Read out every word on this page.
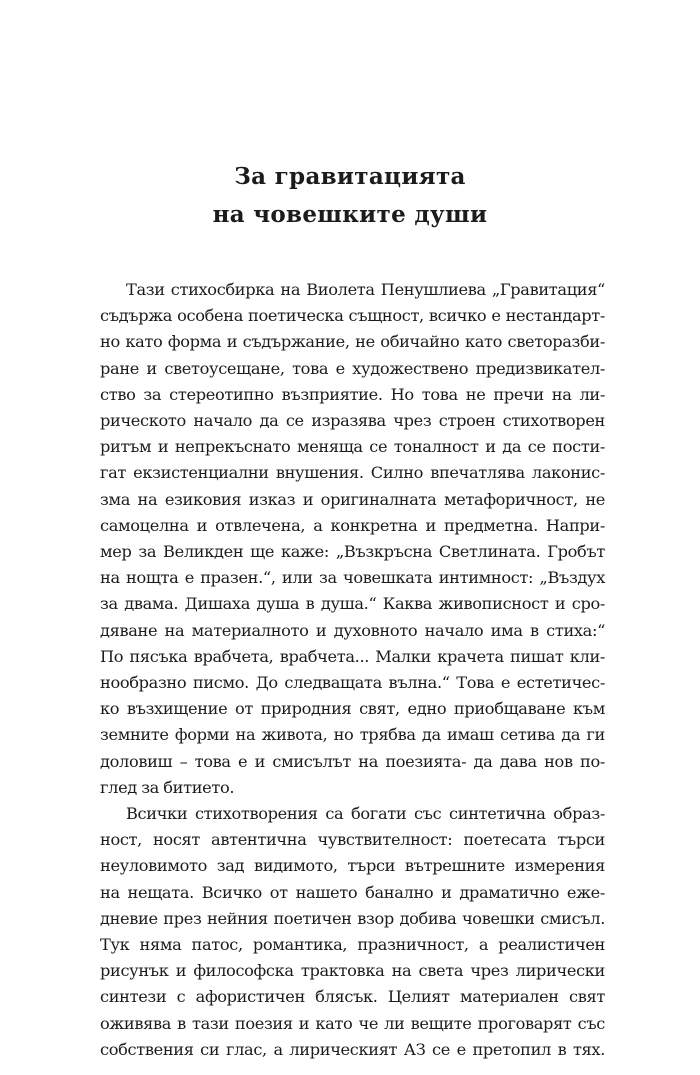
За гравитацията
на човешките души

Тази стихосбирка на Виолета Пенушлиева „Гравитация“
съдържа особена поетическа същност, всичко е нестандарт-
но като форма и съдържание, не обичайно като светоразби-
ране и светоусещане, това е художествено предизвикател-
ство за стереотипно възприятие. Но това не пречи на ли-
рическото начало да се изразява чрез строен стихотворен
ритъм и непрекъснато меняща се тоналност и да се пости-
гат екзистенциални внушения. Силно впечатлява лаконис-
зма на езиковия изказ и оригиналната метафоричност, не
самоцелна и отвлечена, а конкретна и предметна. Напри-
мер за Великден ще каже: „Възкръсна Светлината. Гробът
на нощта е празен.“, или за човешката интимност: „Въздух
за двама. Дишаха душа в душа.“ Каква живописност и сро-
дяване на материалното и духовното начало има в стиха:“
По пясъка врабчета, врабчета... Малки крачета пишат кли-
нообразно писмо. До следващата вълна.“ Това е естетичес-
ко възхищение от природния свят, едно приобщаване към
земните форми на живота, но трябва да имаш сетива да ги
доловиш – това е и смисълът на поезията- да дава нов по-
глед за битието.

Всички стихотворения са богати със синтетична образ-
ност, носят автентична чувствителност: поетесата търси
неуловимото зад видимото, търси вътрешните измерения
на нещата. Всичко от нашето банално и драматично еже-
дневие през нейния поетичен взор добива човешки смисъл.
Тук няма патос, романтика, празничност, а реалистичен
рисунък и философска трактовка на света чрез лирически
синтези с афористичен блясък. Целият материален свят
оживява в тази поезия и като че ли вещите проговарят със
собствения си глас, а лирическият АЗ се е претопил в тях.
